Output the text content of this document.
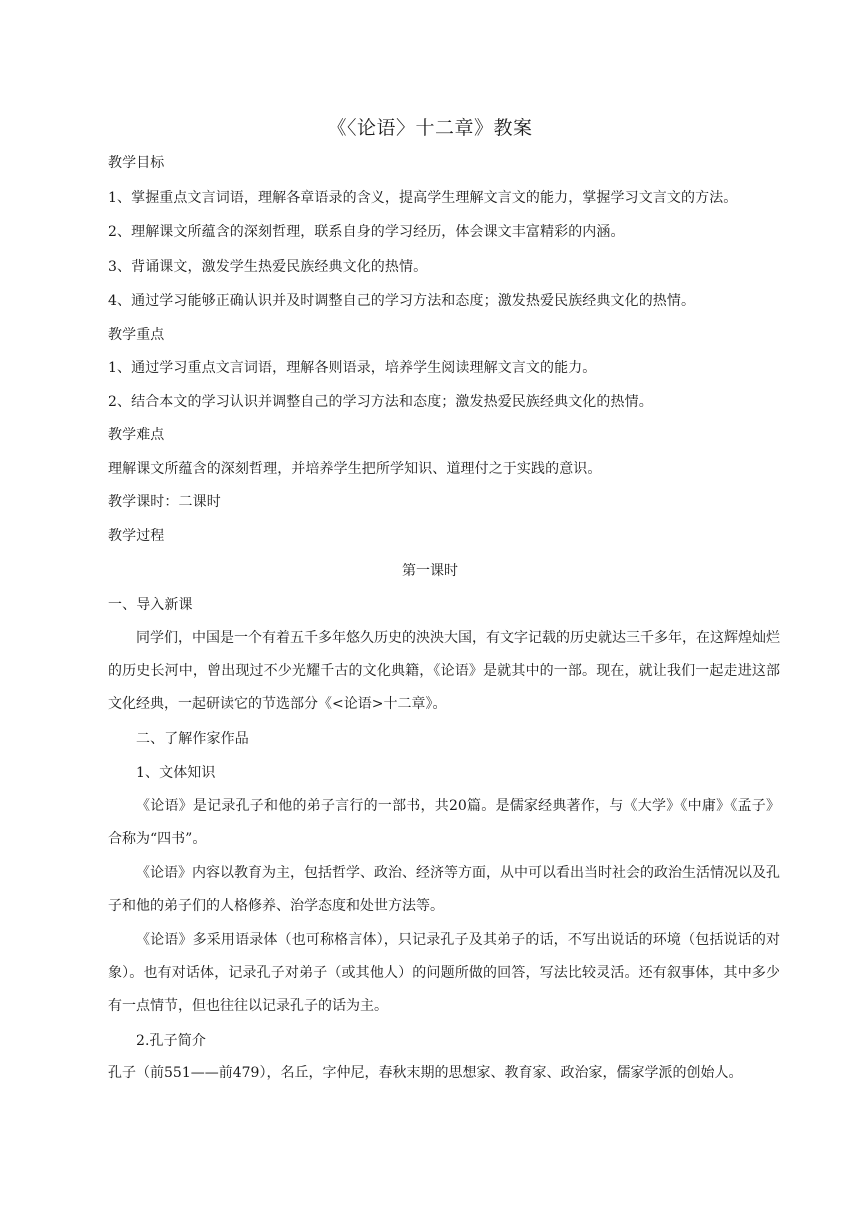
《〈论语〉十二章》教案
教学目标
1、掌握重点文言词语，理解各章语录的含义，提高学生理解文言文的能力，掌握学习文言文的方法。
2、理解课文所蕴含的深刻哲理，联系自身的学习经历，体会课文丰富精彩的内涵。
3、背诵课文，激发学生热爱民族经典文化的热情。
4、通过学习能够正确认识并及时调整自己的学习方法和态度；激发热爱民族经典文化的热情。
教学重点
1、通过学习重点文言词语，理解各则语录，培养学生阅读理解文言文的能力。
2、结合本文的学习认识并调整自己的学习方法和态度；激发热爱民族经典文化的热情。
教学难点
理解课文所蕴含的深刻哲理，并培养学生把所学知识、道理付之于实践的意识。
教学课时：二课时
教学过程
第一课时
一、导入新课

同学们，中国是一个有着五千多年悠久历史的泱泱大国，有文字记载的历史就达三千多年，在这辉煌灿烂的历史长河中，曾出现过不少光耀千古的文化典籍，《论语》是就其中的一部。现在，就让我们一起走进这部文化经典，一起研读它的节选部分《<论语>十二章》。

二、了解作家作品
1、文体知识

《论语》是记录孔子和他的弟子言行的一部书，共20篇。是儒家经典著作，与《大学》《中庸》《孟子》合称为“四书”。

《论语》内容以教育为主，包括哲学、政治、经济等方面，从中可以看出当时社会的政治生活情况以及孔子和他的弟子们的人格修养、治学态度和处世方法等。

《论语》多采用语录体（也可称格言体），只记录孔子及其弟子的话，不写出说话的环境（包括说话的对象）。也有对话体，记录孔子对弟子（或其他人）的问题所做的回答，写法比较灵活。还有叙事体，其中多少有一点情节，但也往往以记录孔子的话为主。

2.孔子简介

孔子（前551——前479），名丘，字仲尼，春秋末期的思想家、教育家、政治家，儒家学派的创始人。
